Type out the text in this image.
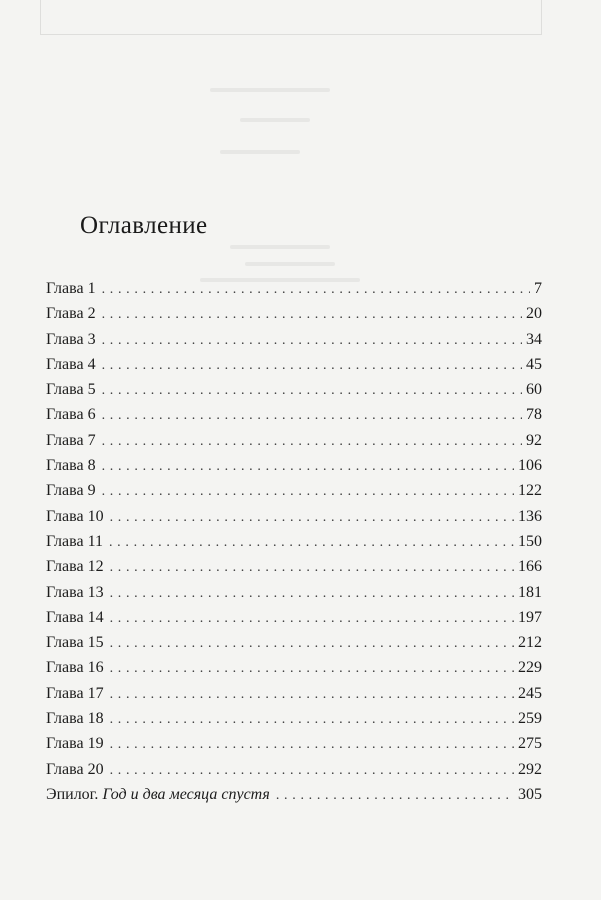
Оглавление
Глава 1 . . .	7
Глава 2 . . .	20
Глава 3 . . .	34
Глава 4 . . .	45
Глава 5 . . .	60
Глава 6 . . .	78
Глава 7 . . .	92
Глава 8 . . .	106
Глава 9 . . .	122
Глава 10 . . .	136
Глава 11 . . .	150
Глава 12 . . .	166
Глава 13 . . .	181
Глава 14 . . .	197
Глава 15 . . .	212
Глава 16 . . .	229
Глава 17 . . .	245
Глава 18 . . .	259
Глава 19 . . .	275
Глава 20 . . .	292
Эпилог. Год и два месяца спустя . . .	305
